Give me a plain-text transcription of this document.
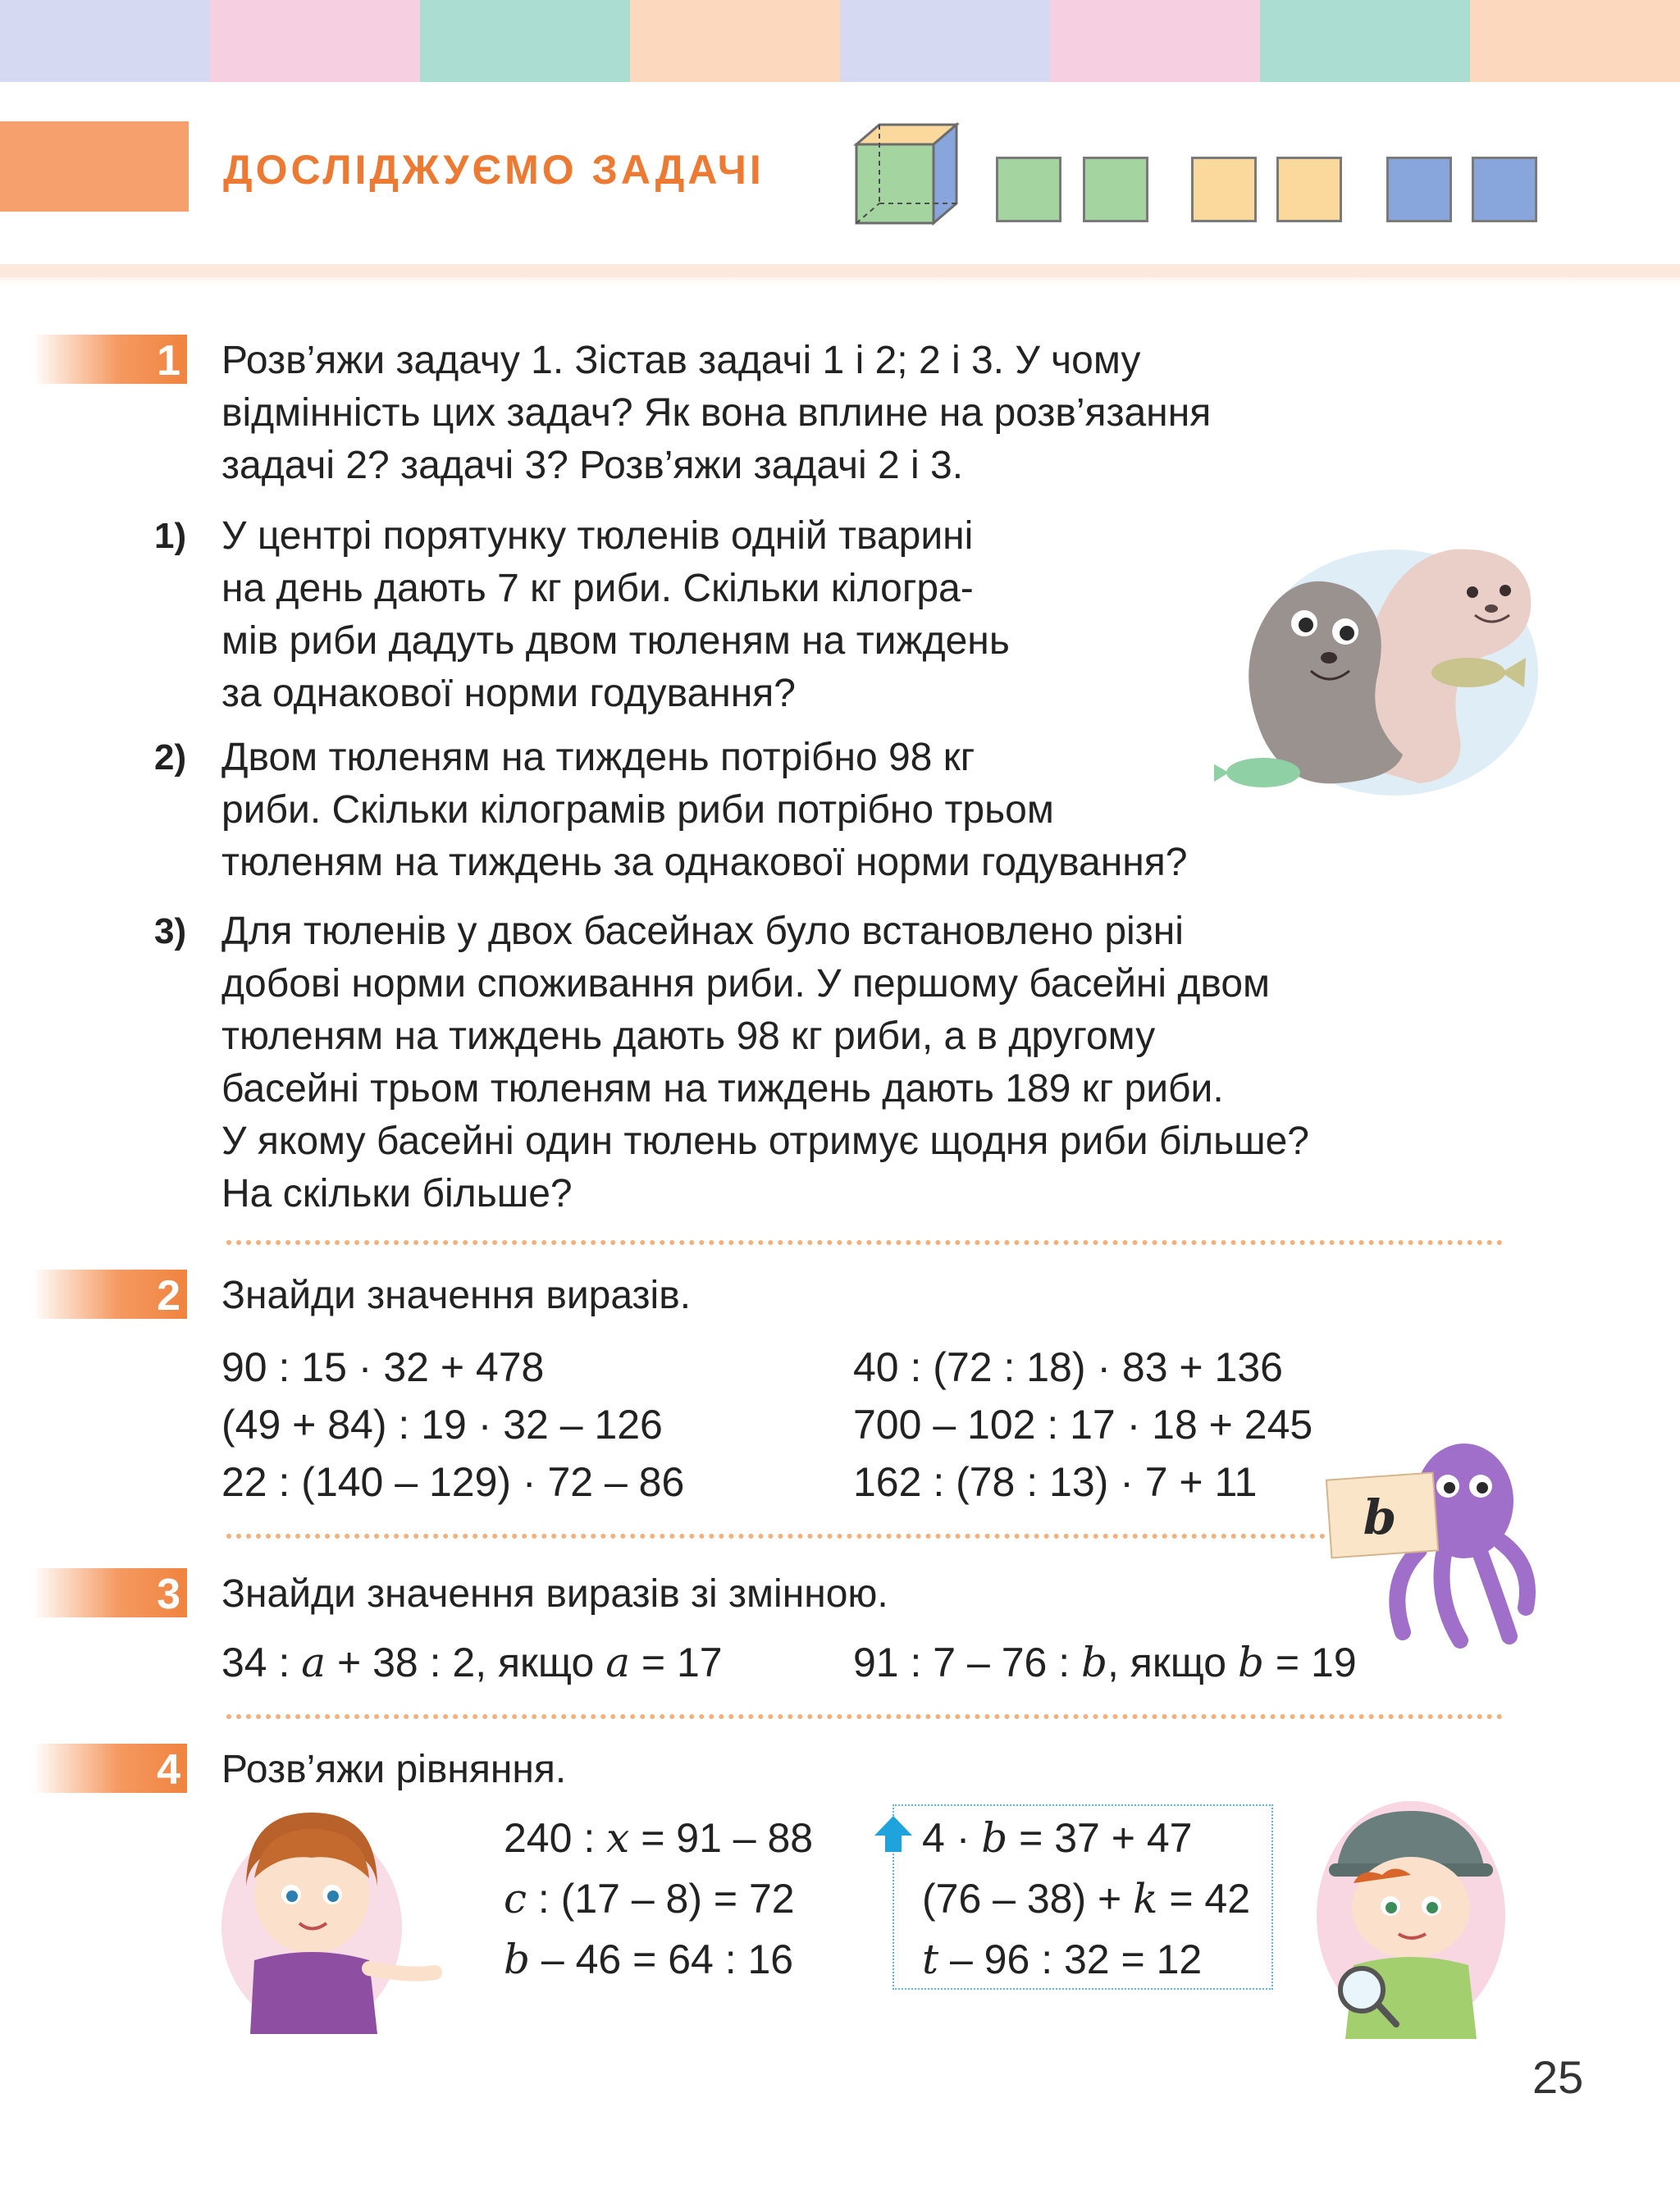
ДОСЛІДЖУЄМО ЗАДАЧІ
1 Розв’яжи задачу 1. Зістав задачі 1 і 2; 2 і 3. У чому
відмінність цих задач? Як вона вплине на розв’язання
задачі 2? задачі 3? Розв’яжи задачі 2 і 3.
1) У центрі порятунку тюленів одній тварині
на день дають 7 кг риби. Скільки кілогра-
мів риби дадуть двом тюленям на тиждень
за однакової норми годування?
2) Двом тюленям на тиждень потрібно 98 кг
риби. Скільки кілограмів риби потрібно трьом
тюленям на тиждень за однакової норми годування?
3) Для тюленів у двох басейнах було встановлено різні
добові норми споживання риби. У першому басейні двом
тюленям на тиждень дають 98 кг риби, а в другому
басейні трьом тюленям на тиждень дають 189 кг риби.
У якому басейні один тюлень отримує щодня риби більше?
На скільки більше?
2 Знайди значення виразів.
90 : 15 · 32 + 478
(49 + 84) : 19 · 32 – 126
22 : (140 – 129) · 72 – 86
40 : (72 : 18) · 83 + 136
700 – 102 : 17 · 18 + 245
162 : (78 : 13) · 7 + 11
b
3 Знайди значення виразів зі змінною.
34 : a + 38 : 2, якщо a = 17	91 : 7 – 76 : b, якщо b = 19
4 Розв’яжи рівняння.
240 : x = 91 – 88
c : (17 – 8) = 72
b – 46 = 64 : 16
4 · b = 37 + 47
(76 – 38) + k = 42
t – 96 : 32 = 12
25
